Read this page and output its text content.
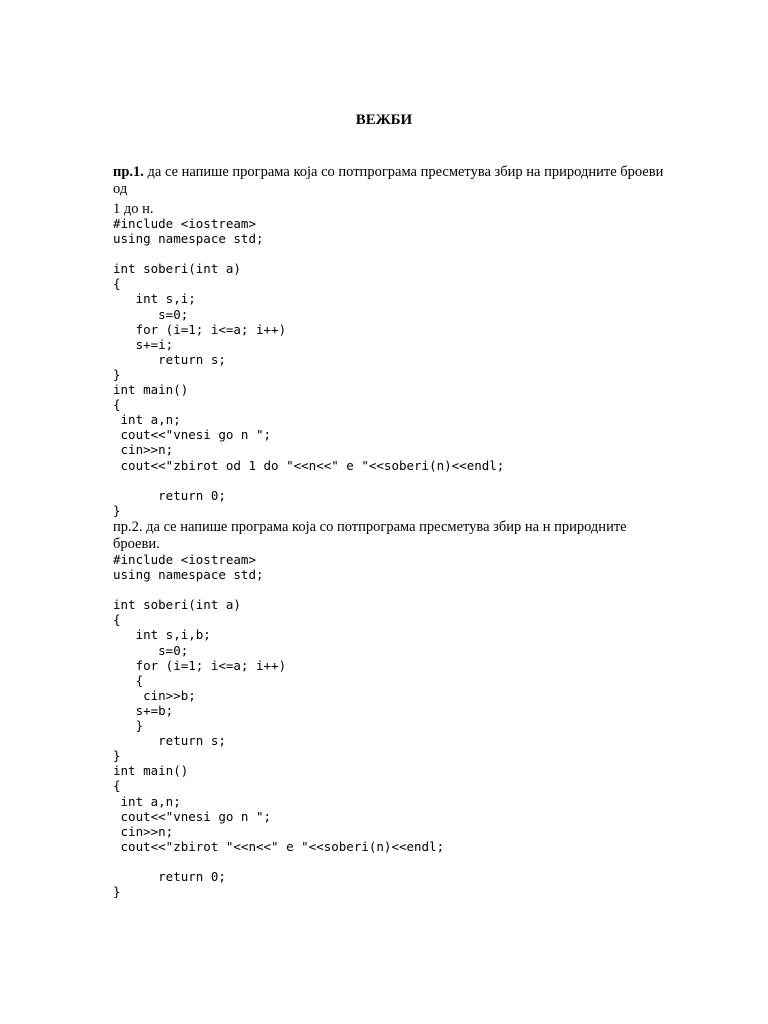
ВЕЖБИ
пр.1. да се напише програма која со потпрограма пресметува збир на природните броеви од
1 до н.
#include <iostream>
using namespace std;

int soberi(int a)
{
int s,i;
s=0;
for (i=1; i<=a; i++)
s+=i;
return s;
}
int main()
{
int a,n;
cout<<"vnesi go n ";
cin>>n;
cout<<"zbirot od 1 do "<<n<<" e "<<soberi(n)<<endl;

return 0;
}
пр.2. да се напише програма која со потпрограма пресметува збир на н природните броеви.
#include <iostream>
using namespace std;

int soberi(int a)
{
int s,i,b;
s=0;
for (i=1; i<=a; i++)
{
cin>>b;
s+=b;
}
return s;
}
int main()
{
int a,n;
cout<<"vnesi go n ";
cin>>n;
cout<<"zbirot "<<n<<" e "<<soberi(n)<<endl;

return 0;
}
